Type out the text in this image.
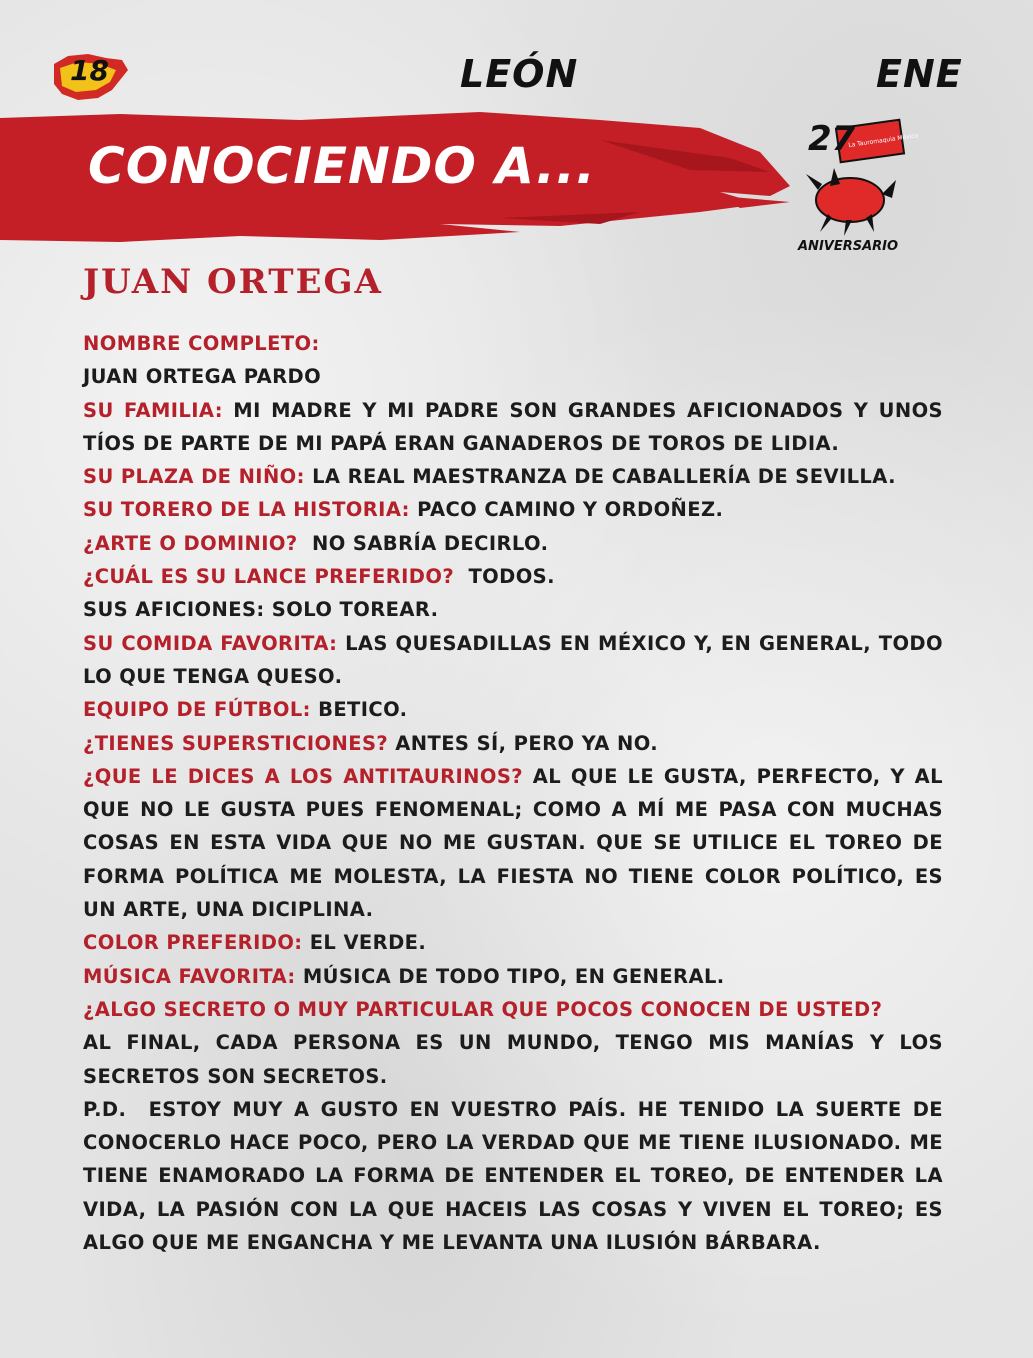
18	LEÓN	ENE
CONOCIENDO A...	La Tauromaquia México
27
ANIVERSARIO
JUAN ORTEGA

NOMBRE COMPLETO:

JUAN ORTEGA PARDO

SU FAMILIA: MI MADRE Y MI PADRE SON GRANDES AFICIONADOS Y UNOS TÍOS DE PARTE DE MI PAPÁ ERAN GANADEROS DE TOROS DE LIDIA.

SU PLAZA DE NIÑO: LA REAL MAESTRANZA DE CABALLERÍA DE SEVILLA.

SU TORERO DE LA HISTORIA: PACO CAMINO Y ORDOÑEZ.

¿ARTE O DOMINIO?  NO SABRÍA DECIRLO.

¿CUÁL ES SU LANCE PREFERIDO?  TODOS.

SUS AFICIONES: SOLO TOREAR.

SU COMIDA FAVORITA: LAS QUESADILLAS EN MÉXICO Y, EN GENERAL, TODO LO QUE TENGA QUESO.

EQUIPO DE FÚTBOL: BETICO.

¿TIENES SUPERSTICIONES? ANTES SÍ, PERO YA NO.

¿QUE LE DICES A LOS ANTITAURINOS? AL QUE LE GUSTA, PERFECTO, Y AL QUE NO LE GUSTA PUES FENOMENAL; COMO A MÍ ME PASA CON MUCHAS COSAS EN ESTA VIDA QUE NO ME GUSTAN. QUE SE UTILICE EL TOREO DE FORMA POLÍTICA ME MOLESTA, LA FIESTA NO TIENE COLOR POLÍTICO, ES UN ARTE, UNA DICIPLINA.

COLOR PREFERIDO: EL VERDE.

MÚSICA FAVORITA: MÚSICA DE TODO TIPO, EN GENERAL.

¿ALGO SECRETO O MUY PARTICULAR QUE POCOS CONOCEN DE USTED?

AL FINAL, CADA PERSONA ES UN MUNDO, TENGO MIS MANÍAS Y LOS SECRETOS SON SECRETOS.

P.D.  ESTOY MUY A GUSTO EN VUESTRO PAÍS. HE TENIDO LA SUERTE DE CONOCERLO HACE POCO, PERO LA VERDAD QUE ME TIENE ILUSIONADO. ME TIENE ENAMORADO LA FORMA DE ENTENDER EL TOREO, DE ENTENDER LA VIDA, LA PASIÓN CON LA QUE HACEIS LAS COSAS Y VIVEN EL TOREO; ES ALGO QUE ME ENGANCHA Y ME LEVANTA UNA ILUSIÓN BÁRBARA.
